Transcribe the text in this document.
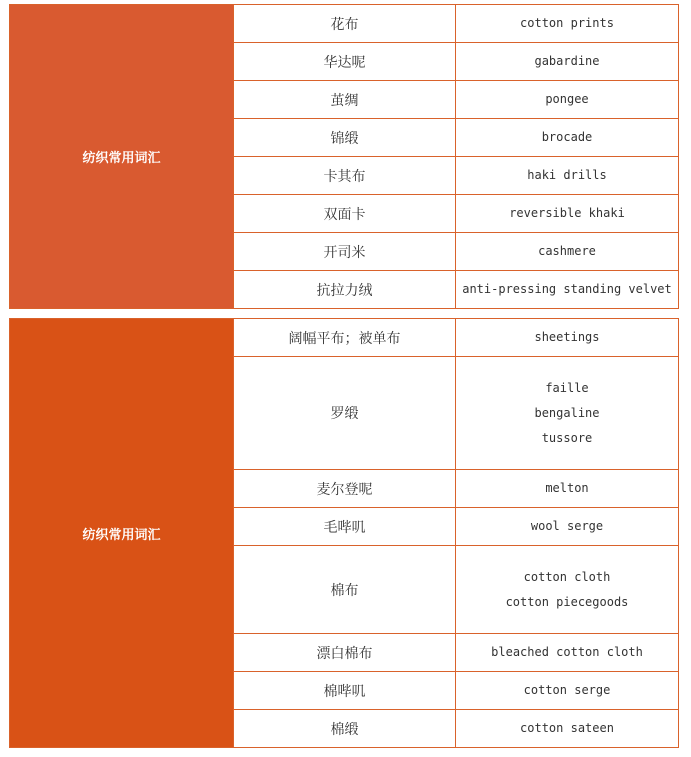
纺织常用词汇	花布	cotton prints

	华达呢	gabardine

	茧绸	pongee

	锦缎	brocade

	卡其布	haki drills

	双面卡	reversible khaki

	开司米	cashmere

	抗拉力绒	anti-pressing standing velvet
纺织常用词汇	阔幅平布；被单布	sheetings

	罗缎	faille
bengaline
tussore

	麦尔登呢	melton

	毛哔叽	wool serge

	棉布	cotton cloth
cotton piecegoods

	漂白棉布	bleached cotton cloth

	棉哔叽	cotton serge

	棉缎	cotton sateen
